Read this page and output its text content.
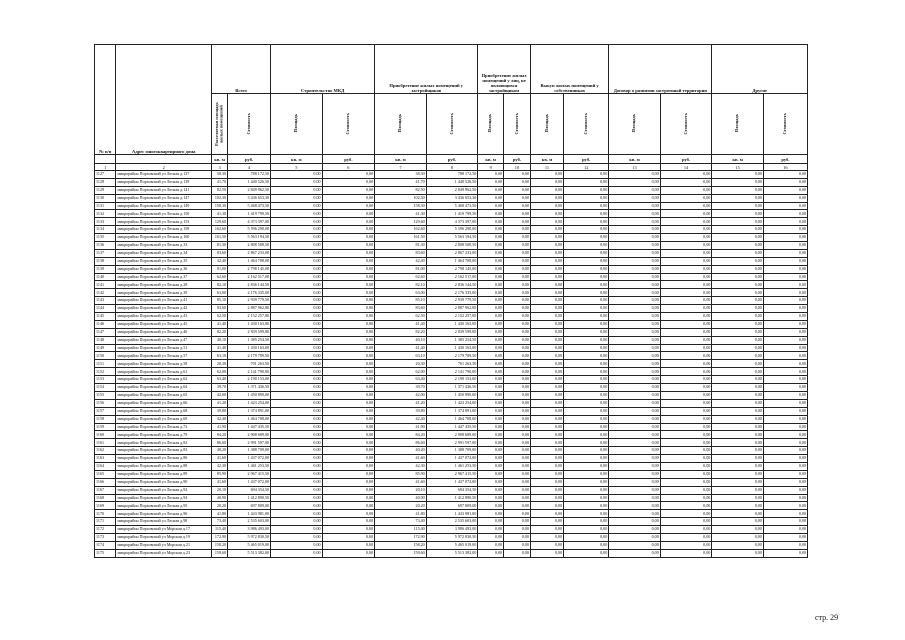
№ п/п	Адрес многоквартирного дома	Всего		Строительство МКД		Приобретение жилых помещений у застройщиков		Приобретение жилых помещений у лиц, не являющихся застройщиком		Выкуп жилых помещений у собственников		Договор о развитии застроенной территории		Другие	
		Расселяемая площадь жилых помещений	Стоимость	Площадь	Стоимость	Площадь	Стоимость	Площадь	Стоимость	Площадь	Стоимость	Площадь	Стоимость	Площадь	Стоимость
		кв. м	руб.	кв. м	руб.	кв. м	руб.	кв. м	руб.	кв. м	руб.	кв. м	руб.	кв. м	руб.
1	2	3	4	5	6	7	8	9	10	11	12	13	14	15	16
1127	микрорайон Порховский ул Лесная д.137	38,30	788 172,50	0,00	0,00	38,30	788 172,50	0,00	0,00	0,00	0,00	0,00	0,00	0,00	0,00
1128	микрорайон Порховский ул Лесная д.139	41,70	1 440 526,50	0,00	0,00	41,70	1 440 526,50	0,00	0,00	0,00	0,00	0,00	0,00	0,00	0,00
1129	микрорайон Порховский ул Лесная д.141	82,50	2 849 962,50	0,00	0,00	82,50	2 849 962,50	0,00	0,00	0,00	0,00	0,00	0,00	0,00	0,00
1130	микрорайон Порховский ул Лесная д.147	102,30	3 436 653,30	0,00	0,00	102,30	3 436 653,30	0,00	0,00	0,00	0,00	0,00	0,00	0,00	0,00
1131	микрорайон Порховский ул Лесная д.149	158,30	5 468 473,50	0,00	0,00	158,30	5 468 473,50	0,00	0,00	0,00	0,00	0,00	0,00	0,00	0,00
1132	микрорайон Порховский ул Лесная д.150	41,30	1 419 799,50	0,00	0,00	41,30	1 419 799,50	0,00	0,00	0,00	0,00	0,00	0,00	0,00	0,00
1133	микрорайон Порховский ул Лесная д.153	129,60	4 373 397,00	0,00	0,00	129,60	4 373 397,00	0,00	0,00	0,00	0,00	0,00	0,00	0,00	0,00
1134	микрорайон Порховский ул Лесная д.158	162,60	5 596 290,00	0,00	0,00	162,60	5 596 290,00	0,00	0,00	0,00	0,00	0,00	0,00	0,00	0,00
1135	микрорайон Порховский ул Лесная д.160	161,50	5 563 194,50	0,00	0,00	161,50	5 563 194,50	0,00	0,00	0,00	0,00	0,00	0,00	0,00	0,00
1136	микрорайон Порховский ул Лесная д.33	81,30	2 808 508,50	0,00	0,00	81,30	2 808 508,50	0,00	0,00	0,00	0,00	0,00	0,00	0,00	0,00
1137	микрорайон Порховский ул Лесная д.34	83,60	2 867 233,00	0,00	0,00	83,60	2 867 233,00	0,00	0,00	0,00	0,00	0,00	0,00	0,00	0,00
1138	микрорайон Порховский ул Лесная д.35	42,40	1 464 708,00	0,00	0,00	42,40	1 464 708,00	0,00	0,00	0,00	0,00	0,00	0,00	0,00	0,00
1139	микрорайон Порховский ул Лесная д.36	81,00	2 798 145,00	0,00	0,00	81,00	2 798 145,00	0,00	0,00	0,00	0,00	0,00	0,00	0,00	0,00
1140	микрорайон Порховский ул Лесная д.37	62,60	2 162 517,00	0,00	0,00	62,60	2 162 517,00	0,00	0,00	0,00	0,00	0,00	0,00	0,00	0,00
1141	микрорайон Порховский ул Лесная д.28	82,10	2 836 144,50	0,00	0,00	82,10	2 836 144,50	0,00	0,00	0,00	0,00	0,00	0,00	0,00	0,00
1142	микрорайон Порховский ул Лесная д.39	63,00	2 176 335,00	0,00	0,00	63,00	2 176 335,00	0,00	0,00	0,00	0,00	0,00	0,00	0,00	0,00
1143	микрорайон Порховский ул Лесная д.41	85,10	2 939 779,50	0,00	0,00	85,10	2 939 779,50	0,00	0,00	0,00	0,00	0,00	0,00	0,00	0,00
1144	микрорайон Порховский ул Лесная д.42	83,60	2 887 962,00	0,00	0,00	83,60	2 887 962,00	0,00	0,00	0,00	0,00	0,00	0,00	0,00	0,00
1145	микрорайон Порховский ул Лесная д.43	62,50	2 152 257,00	0,00	0,00	62,50	2 152 257,00	0,00	0,00	0,00	0,00	0,00	0,00	0,00	0,00
1146	микрорайон Порховский ул Лесная д.45	41,40	1 430 163,00	0,00	0,00	41,40	1 430 163,00	0,00	0,00	0,00	0,00	0,00	0,00	0,00	0,00
1147	микрорайон Порховский ул Лесная д.46	82,20	2 839 599,00	0,00	0,00	82,20	2 839 599,00	0,00	0,00	0,00	0,00	0,00	0,00	0,00	0,00
1148	микрорайон Порховский ул Лесная д.47	40,10	1 385 254,50	0,00	0,00	40,10	1 385 254,50	0,00	0,00	0,00	0,00	0,00	0,00	0,00	0,00
1149	микрорайон Порховский ул Лесная д.51	41,40	1 430 163,00	0,00	0,00	41,40	1 430 163,00	0,00	0,00	0,00	0,00	0,00	0,00	0,00	0,00
1150	микрорайон Порховский ул Лесная д.57	63,10	2 179 789,50	0,00	0,00	63,10	2 179 789,50	0,00	0,00	0,00	0,00	0,00	0,00	0,00	0,00
1151	микрорайон Порховский ул Лесная д.58	20,30	701 263,50	0,00	0,00	20,30	701 263,50	0,00	0,00	0,00	0,00	0,00	0,00	0,00	0,00
1152	микрорайон Порховский ул Лесная д.61	62,00	2 141 790,00	0,00	0,00	62,00	2 141 790,00	0,00	0,00	0,00	0,00	0,00	0,00	0,00	0,00
1153	микрорайон Порховский ул Лесная д.62	63,40	2 190 153,00	0,00	0,00	63,40	2 190 153,00	0,00	0,00	0,00	0,00	0,00	0,00	0,00	0,00
1154	микрорайон Порховский ул Лесная д.64	39,70	1 371 436,50	0,00	0,00	39,70	1 371 436,50	0,00	0,00	0,00	0,00	0,00	0,00	0,00	0,00
1155	микрорайон Порховский ул Лесная д.65	42,00	1 450 890,00	0,00	0,00	42,00	1 450 890,00	0,00	0,00	0,00	0,00	0,00	0,00	0,00	0,00
1156	микрорайон Порховский ул Лесная д.66	41,20	1 423 254,00	0,00	0,00	41,20	1 423 254,00	0,00	0,00	0,00	0,00	0,00	0,00	0,00	0,00
1157	микрорайон Порховский ул Лесная д.68	39,80	1 374 891,00	0,00	0,00	39,80	1 374 891,00	0,00	0,00	0,00	0,00	0,00	0,00	0,00	0,00
1158	микрорайон Порховский ул Лесная д.69	42,40	1 464 708,00	0,00	0,00	42,40	1 464 708,00	0,00	0,00	0,00	0,00	0,00	0,00	0,00	0,00
1159	микрорайон Порховский ул Лесная д.72	41,90	1 447 435,50	0,00	0,00	41,90	1 447 435,50	0,00	0,00	0,00	0,00	0,00	0,00	0,00	0,00
1160	микрорайон Порховский ул Лесная д.79	84,20	2 908 689,00	0,00	0,00	84,20	2 908 689,00	0,00	0,00	0,00	0,00	0,00	0,00	0,00	0,00
1161	микрорайон Порховский ул Лесная д.82	86,60	2 991 597,00	0,00	0,00	86,60	2 991 597,00	0,00	0,00	0,00	0,00	0,00	0,00	0,00	0,00
1162	микрорайон Порховский ул Лесная д.83	40,20	1 388 709,00	0,00	0,00	40,20	1 388 709,00	0,00	0,00	0,00	0,00	0,00	0,00	0,00	0,00
1163	микрорайон Порховский ул Лесная д.86	41,60	1 437 072,00	0,00	0,00	41,60	1 437 072,00	0,00	0,00	0,00	0,00	0,00	0,00	0,00	0,00
1164	микрорайон Порховский ул Лесная д.88	42,30	1 461 253,50	0,00	0,00	42,30	1 461 253,50	0,00	0,00	0,00	0,00	0,00	0,00	0,00	0,00
1165	микрорайон Порховский ул Лесная д.89	85,90	2 967 415,50	0,00	0,00	85,90	2 967 415,50	0,00	0,00	0,00	0,00	0,00	0,00	0,00	0,00
1166	микрорайон Порховский ул Лесная д.90	41,60	1 437 072,00	0,00	0,00	41,60	1 437 072,00	0,00	0,00	0,00	0,00	0,00	0,00	0,00	0,00
1167	микрорайон Порховский ул Лесная д.92	20,10	694 354,50	0,00	0,00	20,10	694 354,50	0,00	0,00	0,00	0,00	0,00	0,00	0,00	0,00
1168	микрорайон Порховский ул Лесная д.94	40,90	1 412 890,50	0,00	0,00	40,90	1 412 890,50	0,00	0,00	0,00	0,00	0,00	0,00	0,00	0,00
1169	микрорайон Порховский ул Лесная д.95	20,20	697 809,00	0,00	0,00	20,20	697 809,00	0,00	0,00	0,00	0,00	0,00	0,00	0,00	0,00
1170	микрорайон Порховский ул Лесная д.96	41,80	1 443 981,00	0,00	0,00	41,80	1 443 981,00	0,00	0,00	0,00	0,00	0,00	0,00	0,00	0,00
1171	микрорайон Порховский ул Лесная д.98	73,40	2 535 603,00	0,00	0,00	73,40	2 535 603,00	0,00	0,00	0,00	0,00	0,00	0,00	0,00	0,00
1172	микрорайон Порховский ул Морская д.17	115,40	3 986 493,00	0,00	0,00	115,40	3 986 493,00	0,00	0,00	0,00	0,00	0,00	0,00	0,00	0,00
1173	микрорайон Порховский ул Морская д.19	172,90	5 972 830,50	0,00	0,00	172,90	5 972 830,50	0,00	0,00	0,00	0,00	0,00	0,00	0,00	0,00
1174	микрорайон Порховский ул Морская д.21	158,20	5 465 019,00	0,00	0,00	158,20	5 465 019,00	0,00	0,00	0,00	0,00	0,00	0,00	0,00	0,00
1175	микрорайон Порховский ул Морская д.23	159,60	5 513 382,00	0,00	0,00	159,60	5 513 382,00	0,00	0,00	0,00	0,00	0,00	0,00	0,00	0,00
стр. 29
